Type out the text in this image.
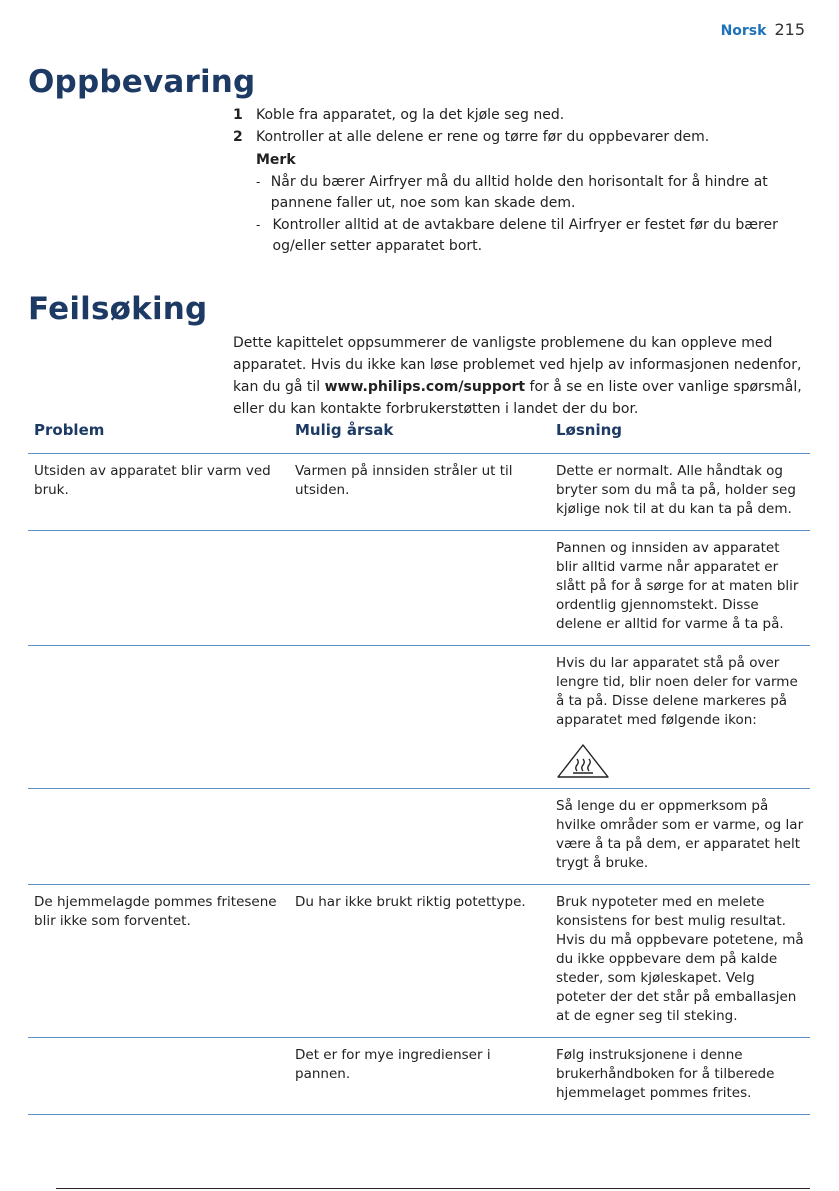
Norsk 215
Oppbevaring
1 Koble fra apparatet, og la det kjøle seg ned.
2 Kontroller at alle delene er rene og tørre før du oppbevarer dem.
Merk
- Når du bærer Airfryer må du alltid holde den horisontalt for å hindre at pannene faller ut, noe som kan skade dem.
- Kontroller alltid at de avtakbare delene til Airfryer er festet før du bærer og/eller setter apparatet bort.
Feilsøking
Dette kapittelet oppsummerer de vanligste problemene du kan oppleve med apparatet. Hvis du ikke kan løse problemet ved hjelp av informasjonen nedenfor, kan du gå til www.philips.com/support for å se en liste over vanlige spørsmål, eller du kan kontakte forbrukerstøtten i landet der du bor.
Problem	Mulig årsak	Løsning
Utsiden av apparatet blir varm ved bruk.	Varmen på innsiden stråler ut til utsiden.	Dette er normalt. Alle håndtak og bryter som du må ta på, holder seg kjølige nok til at du kan ta på dem.
		Pannen og innsiden av apparatet blir alltid varme når apparatet er slått på for å sørge for at maten blir ordentlig gjennomstekt. Disse delene er alltid for varme å ta på.

		Hvis du lar apparatet stå på over lengre tid, blir noen deler for varme å ta på. Disse delene markeres på apparatet med følgende ikon:

		Så lenge du er oppmerksom på hvilke områder som er varme, og lar være å ta på dem, er apparatet helt trygt å bruke.
De hjemmelagde pommes fritesene blir ikke som forventet.	Du har ikke brukt riktig potettype.	Bruk nypoteter med en melete konsistens for best mulig resultat. Hvis du må oppbevare potetene, må du ikke oppbevare dem på kalde steder, som kjøleskapet. Velg poteter der det står på emballasjen at de egner seg til steking.
	Det er for mye ingredienser i pannen.	Følg instruksjonene i denne brukerhåndboken for å tilberede hjemmelaget pommes frites.
